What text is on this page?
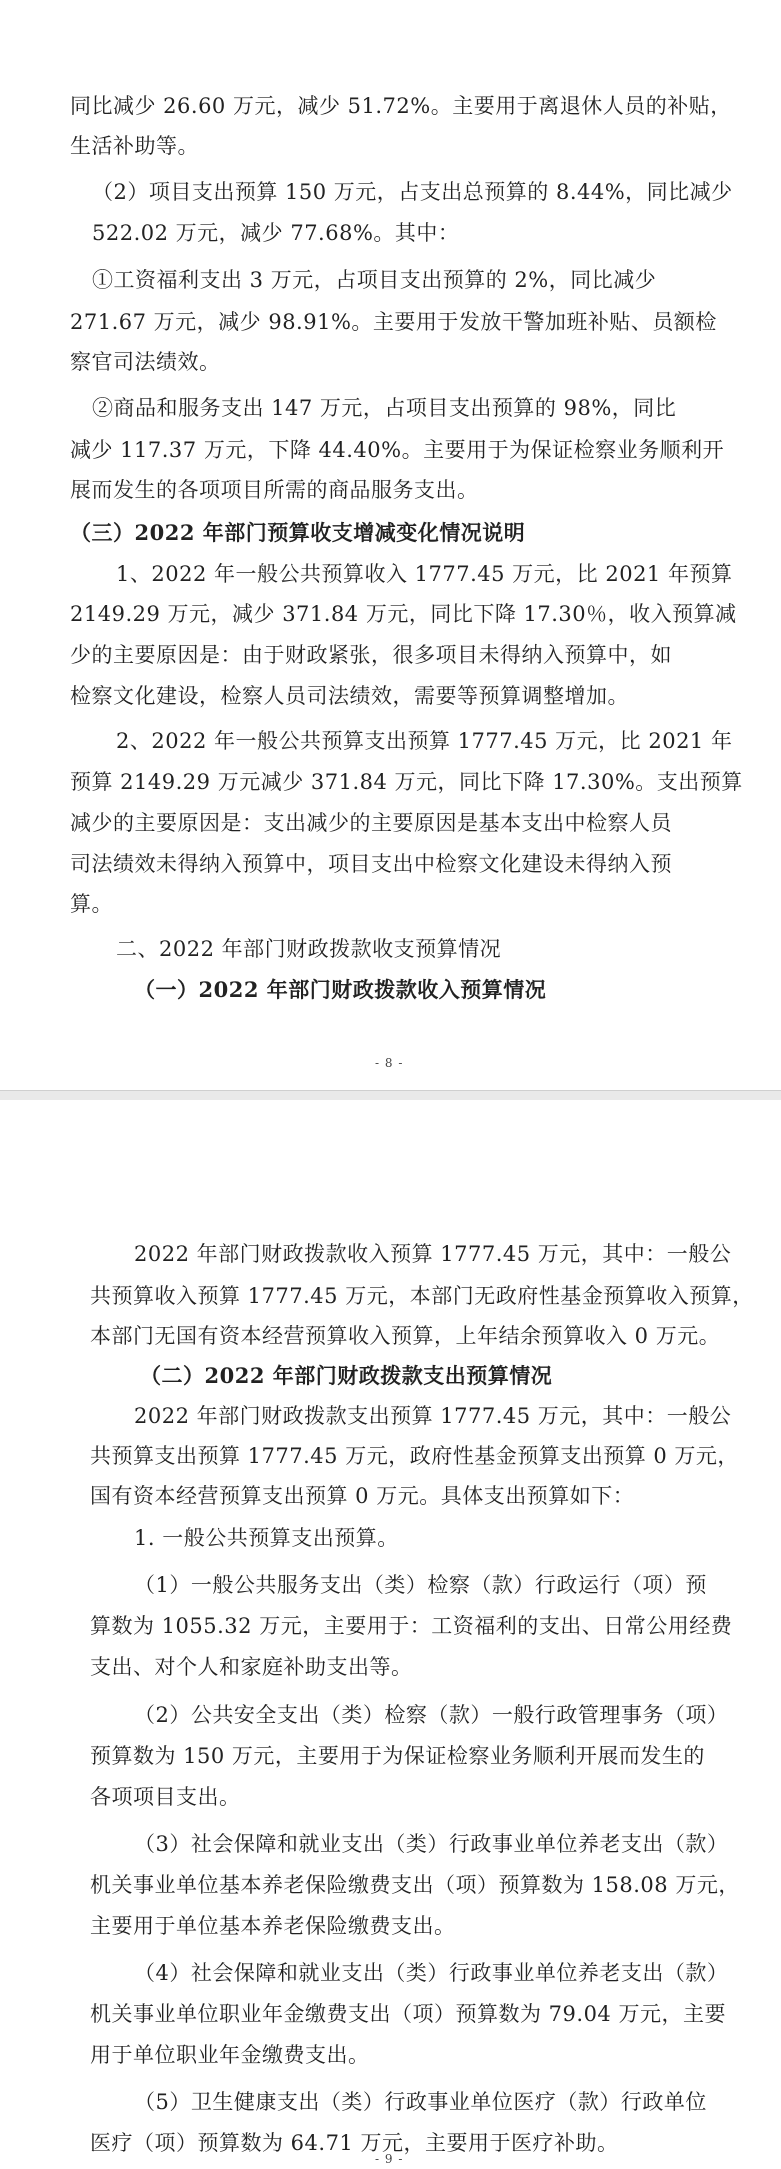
同比减少 26.60 万元，减少 51.72%。主要用于离退休人员的补贴，
生活补助等。
（2）项目支出预算 150 万元，占支出总预算的 8.44%，同比减少
522.02 万元，减少 77.68%。其中：
①工资福利支出 3 万元，占项目支出预算的 2%，同比减少
271.67 万元，减少 98.91%。主要用于发放干警加班补贴、员额检
察官司法绩效。
②商品和服务支出 147 万元，占项目支出预算的 98%，同比
减少 117.37 万元，下降 44.40%。主要用于为保证检察业务顺利开
展而发生的各项项目所需的商品服务支出。
（三）2022 年部门预算收支增减变化情况说明
1、2022 年一般公共预算收入 1777.45 万元，比 2021 年预算
2149.29 万元，减少 371.84 万元，同比下降 17.30％，收入预算减
少的主要原因是：由于财政紧张，很多项目未得纳入预算中，如
检察文化建设，检察人员司法绩效，需要等预算调整增加。
2、2022 年一般公共预算支出预算 1777.45 万元，比 2021 年
预算 2149.29 万元减少 371.84 万元，同比下降 17.30%。支出预算
减少的主要原因是：支出减少的主要原因是基本支出中检察人员
司法绩效未得纳入预算中，项目支出中检察文化建设未得纳入预
算。
二、2022 年部门财政拨款收支预算情况
（一）2022 年部门财政拨款收入预算情况
- 8 -
2022 年部门财政拨款收入预算 1777.45 万元，其中：一般公
共预算收入预算 1777.45 万元，本部门无政府性基金预算收入预算，
本部门无国有资本经营预算收入预算，上年结余预算收入 0 万元。
（二）2022 年部门财政拨款支出预算情况
2022 年部门财政拨款支出预算 1777.45 万元，其中：一般公
共预算支出预算 1777.45 万元，政府性基金预算支出预算 0 万元，
国有资本经营预算支出预算 0 万元。具体支出预算如下：
1. 一般公共预算支出预算。
（1）一般公共服务支出（类）检察（款）行政运行（项）预
算数为 1055.32 万元，主要用于：工资福利的支出、日常公用经费
支出、对个人和家庭补助支出等。
（2）公共安全支出（类）检察（款）一般行政管理事务（项）
预算数为 150 万元，主要用于为保证检察业务顺利开展而发生的
各项项目支出。
（3）社会保障和就业支出（类）行政事业单位养老支出（款）
机关事业单位基本养老保险缴费支出（项）预算数为 158.08 万元，
主要用于单位基本养老保险缴费支出。
（4）社会保障和就业支出（类）行政事业单位养老支出（款）
机关事业单位职业年金缴费支出（项）预算数为 79.04 万元，主要
用于单位职业年金缴费支出。
（5）卫生健康支出（类）行政事业单位医疗（款）行政单位
医疗（项）预算数为 64.71 万元，主要用于医疗补助。
- 9 -
